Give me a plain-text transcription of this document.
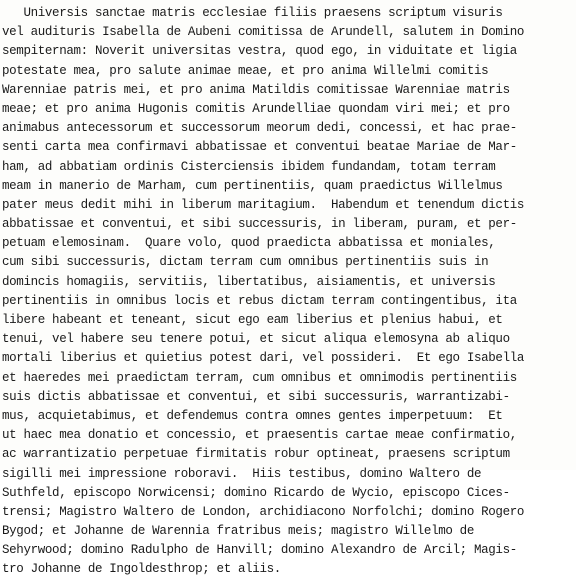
Universis sanctae matris ecclesiae filiis praesens scriptum visuris
vel audituris Isabella de Aubeni comitissa de Arundell, salutem in Domino
sempiternam: Noverit universitas vestra, quod ego, in viduitate et ligia
potestate mea, pro salute animae meae, et pro anima Willelmi comitis
Warenniae patris mei, et pro anima Matildis comitissae Warenniae matris
meae; et pro anima Hugonis comitis Arundelliae quondam viri mei; et pro
animabus antecessorum et successorum meorum dedi, concessi, et hac prae-
senti carta mea confirmavi abbatissae et conventui beatae Mariae de Mar-
ham, ad abbatiam ordinis Cisterciensis ibidem fundandam, totam terram
meam in manerio de Marham, cum pertinentiis, quam praedictus Willelmus
pater meus dedit mihi in liberum maritagium.  Habendum et tenendum dictis
abbatissae et conventui, et sibi successuris, in liberam, puram, et per-
petuam elemosinam.  Quare volo, quod praedicta abbatissa et moniales,
cum sibi successuris, dictam terram cum omnibus pertinentiis suis in
domincis homagiis, servitiis, libertatibus, aisiamentis, et universis
pertinentiis in omnibus locis et rebus dictam terram contingentibus, ita
libere habeant et teneant, sicut ego eam liberius et plenius habui, et
tenui, vel habere seu tenere potui, et sicut aliqua elemosyna ab aliquo
mortali liberius et quietius potest dari, vel possideri.  Et ego Isabella
et haeredes mei praedictam terram, cum omnibus et omnimodis pertinentiis
suis dictis abbatissae et conventui, et sibi successuris, warrantizabi-
mus, acquietabimus, et defendemus contra omnes gentes imperpetuum:  Et
ut haec mea donatio et concessio, et praesentis cartae meae confirmatio,
ac warrantizatio perpetuae firmitatis robur optineat, praesens scriptum
sigilli mei impressione roboravi.  Hiis testibus, domino Waltero de
Suthfeld, episcopo Norwicensi; domino Ricardo de Wycio, episcopo Cices-
trensi; Magistro Waltero de London, archidiacono Norfolchi; domino Rogero
Bygod; et Johanne de Warennia fratribus meis; magistro Willelmo de
Sehyrwood; domino Radulpho de Hanvill; domino Alexandro de Arcil; Magis-
tro Johanne de Ingoldesthrop; et aliis.
